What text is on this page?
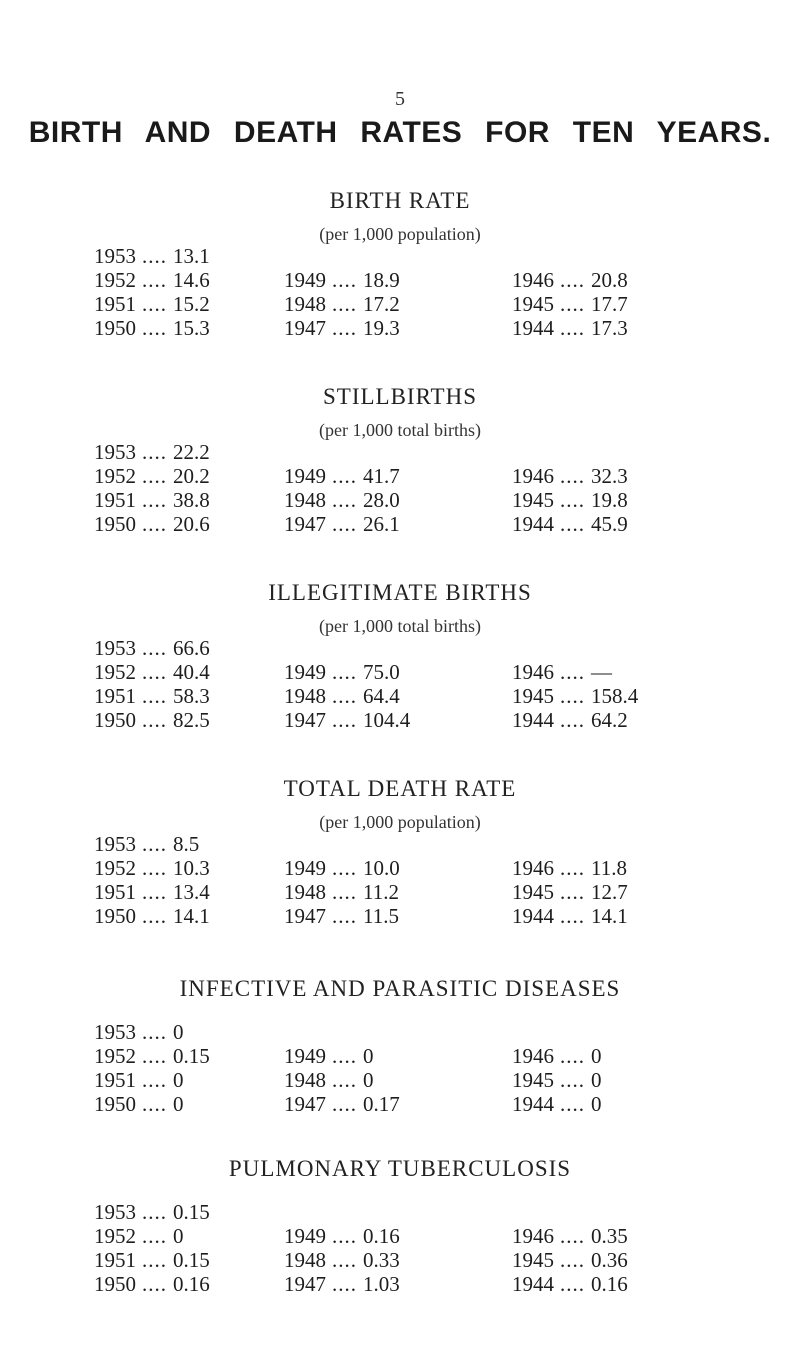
5
BIRTH AND DEATH RATES FOR TEN YEARS.
BIRTH RATE
(per 1,000 population)
1953 .... 13.1
1952 .... 14.6
1951 .... 15.2
1950 .... 15.3
1949 .... 18.9
1948 .... 17.2
1947 .... 19.3
1946 .... 20.8
1945 .... 17.7
1944 .... 17.3
STILLBIRTHS
(per 1,000 total births)
1953 .... 22.2
1952 .... 20.2
1951 .... 38.8
1950 .... 20.6
1949 .... 41.7
1948 .... 28.0
1947 .... 26.1
1946 .... 32.3
1945 .... 19.8
1944 .... 45.9
ILLEGITIMATE BIRTHS
(per 1,000 total births)
1953 .... 66.6
1952 .... 40.4
1951 .... 58.3
1950 .... 82.5
1949 .... 75.0
1948 .... 64.4
1947 .... 104.4
1946 .... —
1945 .... 158.4
1944 .... 64.2
TOTAL DEATH RATE
(per 1,000 population)
1953 .... 8.5
1952 .... 10.3
1951 .... 13.4
1950 .... 14.1
1949 .... 10.0
1948 .... 11.2
1947 .... 11.5
1946 .... 11.8
1945 .... 12.7
1944 .... 14.1
INFECTIVE AND PARASITIC DISEASES
1953 .... 0
1952 .... 0.15
1951 .... 0
1950 .... 0
1949 .... 0
1948 .... 0
1947 .... 0.17
1946 .... 0
1945 .... 0
1944 .... 0
PULMONARY TUBERCULOSIS
1953 .... 0.15
1952 .... 0
1951 .... 0.15
1950 .... 0.16
1949 .... 0.16
1948 .... 0.33
1947 .... 1.03
1946 .... 0.35
1945 .... 0.36
1944 .... 0.16
